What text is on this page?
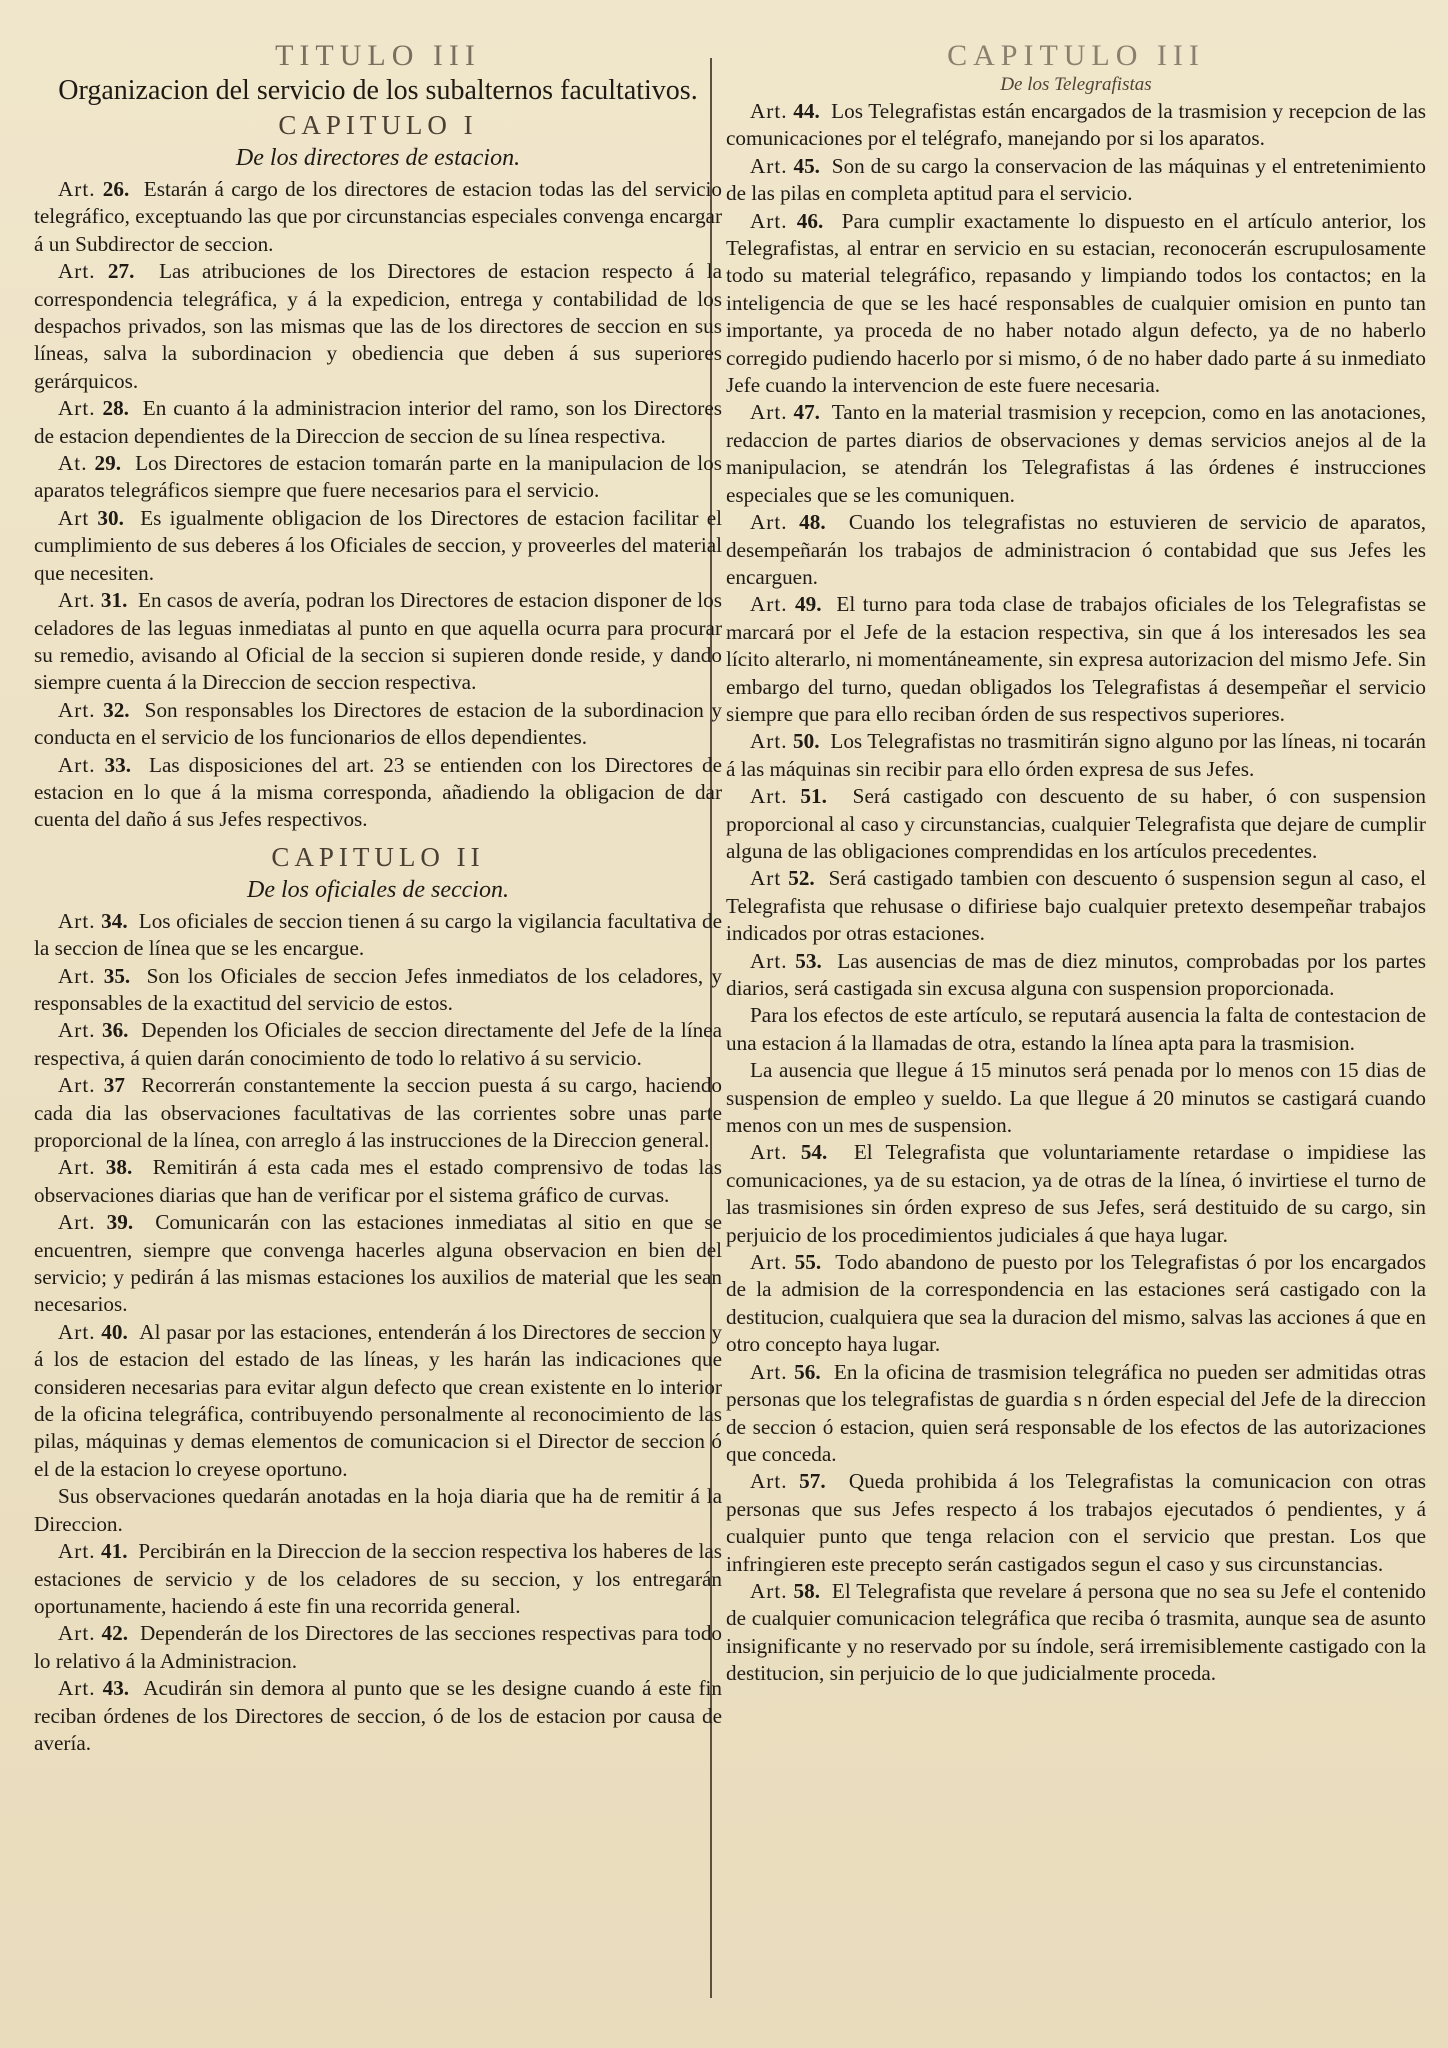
TITULO III

Organizacion del servicio de los subalternos facultativos.

CAPITULO I

De los directores de estacion.

Art. 26. Estarán á cargo de los directores de estacion todas las del servicio telegráfico, exceptuando las que por circunstancias especiales convenga encargar á un Subdirector de seccion.

Art. 27. Las atribuciones de los Directores de estacion respecto á la correspondencia telegráfica, y á la expedicion, entrega y contabilidad de los despachos privados, son las mismas que las de los directores de seccion en sus líneas, salva la subordinacion y obediencia que deben á sus superiores gerárquicos.

Art. 28. En cuanto á la administracion interior del ramo, son los Directores de estacion dependientes de la Direccion de seccion de su línea respectiva.

At. 29. Los Directores de estacion tomarán parte en la manipulacion de los aparatos telegráficos siempre que fuere necesarios para el servicio.

Art 30. Es igualmente obligacion de los Directores de estacion facilitar el cumplimiento de sus deberes á los Oficiales de seccion, y proveerles del material que necesiten.

Art. 31. En casos de avería, podran los Directores de estacion disponer de los celadores de las leguas inmediatas al punto en que aquella ocurra para procurar su remedio, avisando al Oficial de la seccion si supieren donde reside, y dando siempre cuenta á la Direccion de seccion respectiva.

Art. 32. Son responsables los Directores de estacion de la subordinacion y conducta en el servicio de los funcionarios de ellos dependientes.

Art. 33. Las disposiciones del art. 23 se entienden con los Directores de estacion en lo que á la misma corresponda, añadiendo la obligacion de dar cuenta del daño á sus Jefes respectivos.

CAPITULO II

De los oficiales de seccion.

Art. 34. Los oficiales de seccion tienen á su cargo la vigilancia facultativa de la seccion de línea que se les encargue.

Art. 35. Son los Oficiales de seccion Jefes inmediatos de los celadores, y responsables de la exactitud del servicio de estos.

Art. 36. Dependen los Oficiales de seccion directamente del Jefe de la línea respectiva, á quien darán conocimiento de todo lo relativo á su servicio.

Art. 37 Recorrerán constantemente la seccion puesta á su cargo, haciendo cada dia las observaciones facultativas de las corrientes sobre unas parte proporcional de la línea, con arreglo á las instrucciones de la Direccion general.

Art. 38. Remitirán á esta cada mes el estado comprensivo de todas las observaciones diarias que han de verificar por el sistema gráfico de curvas.

Art. 39. Comunicarán con las estaciones inmediatas al sitio en que se encuentren, siempre que convenga hacerles alguna observacion en bien del servicio; y pedirán á las mismas estaciones los auxilios de material que les sean necesarios.

Art. 40. Al pasar por las estaciones, entenderán á los Directores de seccion y á los de estacion del estado de las líneas, y les harán las indicaciones que consideren necesarias para evitar algun defecto que crean existente en lo interior de la oficina telegráfica, contribuyendo personalmente al reconocimiento de las pilas, máquinas y demas elementos de comunicacion si el Director de seccion ó el de la estacion lo creyese oportuno.

Sus observaciones quedarán anotadas en la hoja diaria que ha de remitir á la Direccion.

Art. 41. Percibirán en la Direccion de la seccion respectiva los haberes de las estaciones de servicio y de los celadores de su seccion, y los entregarán oportunamente, haciendo á este fin una recorrida general.

Art. 42. Dependerán de los Directores de las secciones respectivas para todo lo relativo á la Administracion.

Art. 43. Acudirán sin demora al punto que se les designe cuando á este fin reciban órdenes de los Directores de seccion, ó de los de estacion por causa de avería.

CAPITULO III

De los Telegrafistas

Art. 44. Los Telegrafistas están encargados de la trasmision y recepcion de las comunicaciones por el telégrafo, manejando por si los aparatos.

Art. 45. Son de su cargo la conservacion de las máquinas y el entretenimiento de las pilas en completa aptitud para el servicio.

Art. 46. Para cumplir exactamente lo dispuesto en el artículo anterior, los Telegrafistas, al entrar en servicio en su estacian, reconocerán escrupulosamente todo su material telegráfico, repasando y limpiando todos los contactos; en la inteligencia de que se les hacé responsables de cualquier omision en punto tan importante, ya proceda de no haber notado algun defecto, ya de no haberlo corregido pudiendo hacerlo por si mismo, ó de no haber dado parte á su inmediato Jefe cuando la intervencion de este fuere necesaria.

Art. 47. Tanto en la material trasmision y recepcion, como en las anotaciones, redaccion de partes diarios de observaciones y demas servicios anejos al de la manipulacion, se atendrán los Telegrafistas á las órdenes é instrucciones especiales que se les comuniquen.

Art. 48. Cuando los telegrafistas no estuvieren de servicio de aparatos, desempeñarán los trabajos de administracion ó contabidad que sus Jefes les encarguen.

Art. 49. El turno para toda clase de trabajos oficiales de los Telegrafistas se marcará por el Jefe de la estacion respectiva, sin que á los interesados les sea lícito alterarlo, ni momentáneamente, sin expresa autorizacion del mismo Jefe. Sin embargo del turno, quedan obligados los Telegrafistas á desempeñar el servicio siempre que para ello reciban órden de sus respectivos superiores.

Art. 50. Los Telegrafistas no trasmitirán signo alguno por las líneas, ni tocarán á las máquinas sin recibir para ello órden expresa de sus Jefes.

Art. 51. Será castigado con descuento de su haber, ó con suspension proporcional al caso y circunstancias, cualquier Telegrafista que dejare de cumplir alguna de las obligaciones comprendidas en los artículos precedentes.

Art 52. Será castigado tambien con descuento ó suspension segun al caso, el Telegrafista que rehusase o difiriese bajo cualquier pretexto desempeñar trabajos indicados por otras estaciones.

Art. 53. Las ausencias de mas de diez minutos, comprobadas por los partes diarios, será castigada sin excusa alguna con suspension proporcionada.

Para los efectos de este artículo, se reputará ausencia la falta de contestacion de una estacion á la llamadas de otra, estando la línea apta para la trasmision.

La ausencia que llegue á 15 minutos será penada por lo menos con 15 dias de suspension de empleo y sueldo. La que llegue á 20 minutos se castigará cuando menos con un mes de suspension.

Art. 54. El Telegrafista que voluntariamente retardase o impidiese las comunicaciones, ya de su estacion, ya de otras de la línea, ó invirtiese el turno de las trasmisiones sin órden expreso de sus Jefes, será destituido de su cargo, sin perjuicio de los procedimientos judiciales á que haya lugar.

Art. 55. Todo abandono de puesto por los Telegrafistas ó por los encargados de la admision de la correspondencia en las estaciones será castigado con la destitucion, cualquiera que sea la duracion del mismo, salvas las acciones á que en otro concepto haya lugar.

Art. 56. En la oficina de trasmision telegráfica no pueden ser admitidas otras personas que los telegrafistas de guardia s n órden especial del Jefe de la direccion de seccion ó estacion, quien será responsable de los efectos de las autorizaciones que conceda.

Art. 57. Queda prohibida á los Telegrafistas la comunicacion con otras personas que sus Jefes respecto á los trabajos ejecutados ó pendientes, y á cualquier punto que tenga relacion con el servicio que prestan. Los que infringieren este precepto serán castigados segun el caso y sus circunstancias.

Art. 58. El Telegrafista que revelare á persona que no sea su Jefe el contenido de cualquier comunicacion telegráfica que reciba ó trasmita, aunque sea de asunto insignificante y no reservado por su índole, será irremisiblemente castigado con la destitucion, sin perjuicio de lo que judicialmente proceda.
